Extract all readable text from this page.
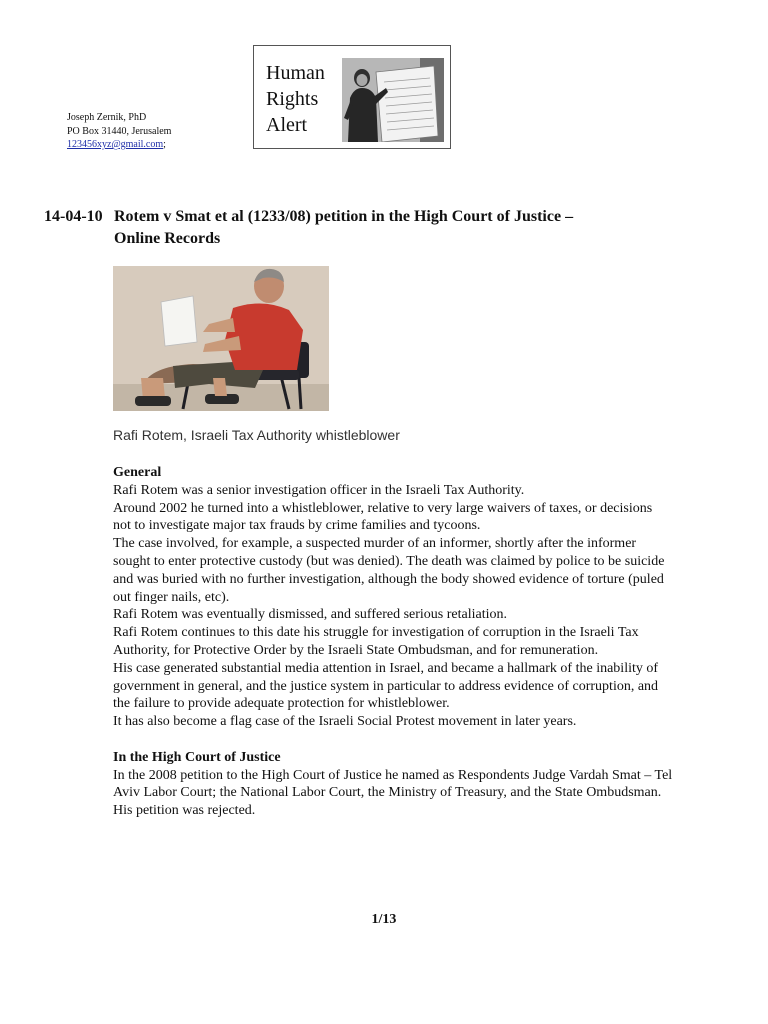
Joseph Zernik, PhD
PO Box 31440, Jerusalem
123456xyz@gmail.com;
Human
Rights
Alert
14-04-10 Rotem v Smat et al (1233/08) petition in the High Court of Justice –
Online Records
Rafi Rotem, Israeli Tax Authority whistleblower
General

Rafi Rotem was a senior investigation officer in the Israeli Tax Authority.

Around 2002 he turned into a whistleblower, relative to very large waivers of taxes, or decisions not to investigate major tax frauds by crime families and tycoons.

The case involved, for example, a suspected murder of an informer, shortly after the informer sought to enter protective custody (but was denied). The death was claimed by police to be suicide and was buried with no further investigation, although the body showed evidence of torture (puled out finger nails, etc).

Rafi Rotem was eventually dismissed, and suffered serious retaliation.

Rafi Rotem continues to this date his struggle for investigation of corruption in the Israeli Tax Authority, for Protective Order by the Israeli State Ombudsman, and for remuneration.

His case generated substantial media attention in Israel, and became a hallmark of the inability of government in general, and the justice system in particular to address evidence of corruption, and the failure to provide adequate protection for whistleblower.

It has also become a flag case of the Israeli Social Protest movement in later years.

In the High Court of Justice

In the 2008 petition to the High Court of Justice he named as Respondents Judge Vardah Smat – Tel Aviv Labor Court; the National Labor Court, the Ministry of Treasury, and the State Ombudsman.

His petition was rejected.

1/13
